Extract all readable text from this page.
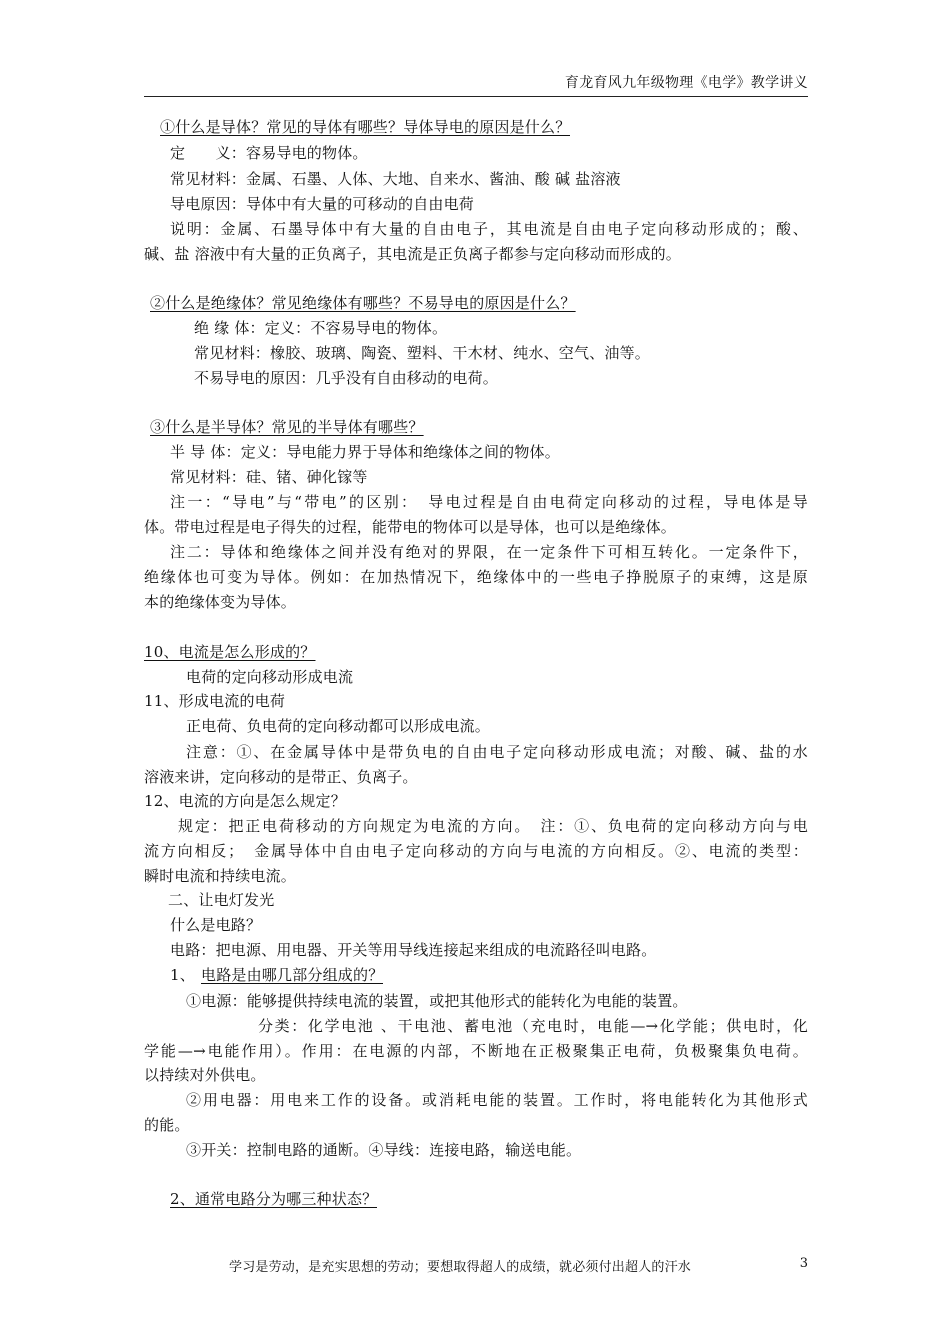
育龙育风九年级物理《电学》教学讲义
①什么是导体？常见的导体有哪些？导体导电的原因是什么？
定　　义：容易导电的物体。
常见材料：金属、石墨、人体、大地、自来水、酱油、酸 碱 盐溶液
导电原因：导体中有大量的可移动的自由电荷
说明：金属、石墨导体中有大量的自由电子，其电流是自由电子定向移动形成的；酸、
碱、盐 溶液中有大量的正负离子，其电流是正负离子都参与定向移动而形成的。
②什么是绝缘体？常见绝缘体有哪些？不易导电的原因是什么？
绝 缘 体：定义：不容易导电的物体。
常见材料：橡胶、玻璃、陶瓷、塑料、干木材、纯水、空气、油等。
不易导电的原因：几乎没有自由移动的电荷。
③什么是半导体？常见的半导体有哪些？
半 导 体：定义：导电能力界于导体和绝缘体之间的物体。
常见材料：硅、锗、砷化镓等
注一：“导电”与“带电”的区别：　导电过程是自由电荷定向移动的过程，导电体是导
体。带电过程是电子得失的过程，能带电的物体可以是导体，也可以是绝缘体。
注二：导体和绝缘体之间并没有绝对的界限，在一定条件下可相互转化。一定条件下，
绝缘体也可变为导体。例如：在加热情况下，绝缘体中的一些电子挣脱原子的束缚，这是原
本的绝缘体变为导体。
10、电流是怎么形成的？
电荷的定向移动形成电流
11、形成电流的电荷
正电荷、负电荷的定向移动都可以形成电流。
注意：①、在金属导体中是带负电的自由电子定向移动形成电流；对酸、碱、盐的水
溶液来讲，定向移动的是带正、负离子。
12、电流的方向是怎么规定？
规定：把正电荷移动的方向规定为电流的方向。　注：①、负电荷的定向移动方向与电
流方向相反；　金属导体中自由电子定向移动的方向与电流的方向相反。②、电流的类型：
瞬时电流和持续电流。
二、让电灯发光
什么是电路？
电路：把电源、用电器、开关等用导线连接起来组成的电流路径叫电路。
1、 电路是由哪几部分组成的？
①电源：能够提供持续电流的装置，或把其他形式的能转化为电能的装置。
分类：化学电池 、干电池、蓄电池（充电时，电能—→化学能；供电时，化
学能—→电能作用）。作用：在电源的内部，不断地在正极聚集正电荷，负极聚集负电荷。
以持续对外供电。
②用电器：用电来工作的设备。或消耗电能的装置。工作时，将电能转化为其他形式
的能。
③开关：控制电路的通断。④导线：连接电路，输送电能。
2、通常电路分为哪三种状态？
学习是劳动，是充实思想的劳动；要想取得超人的成绩，就必须付出超人的汗水	3
